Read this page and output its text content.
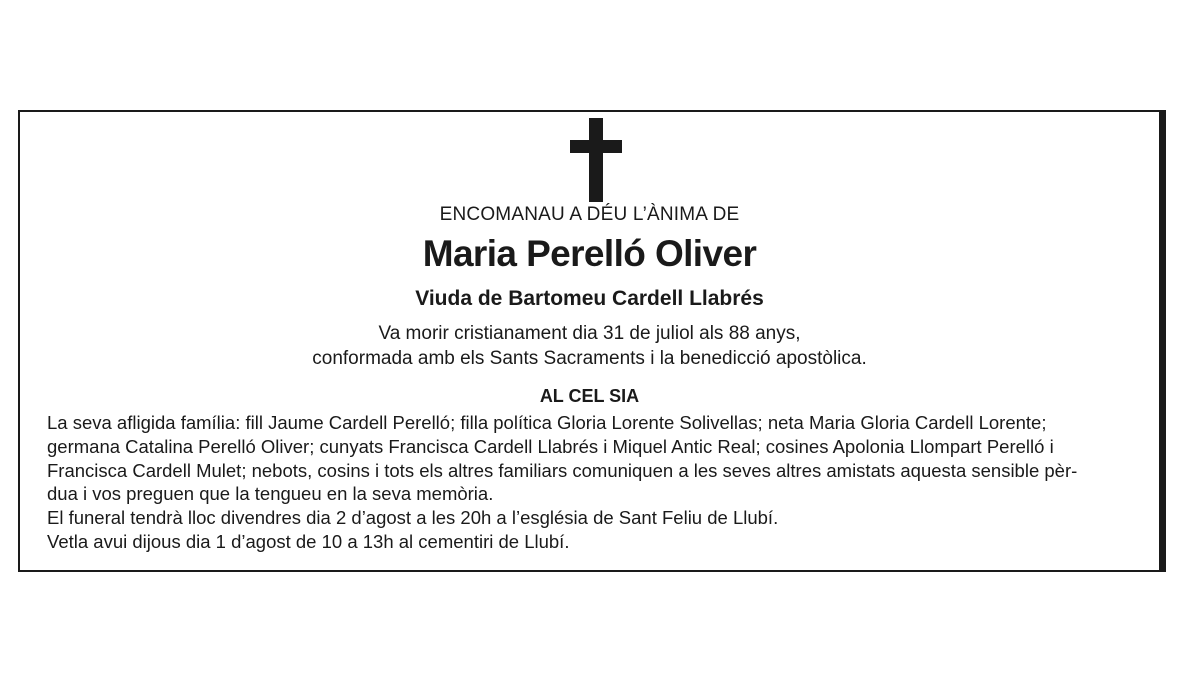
ENCOMANAU A DÉU L’ÀNIMA DE
Maria Perelló Oliver
Viuda de Bartomeu Cardell Llabrés
Va morir cristianament dia 31 de juliol als 88 anys,
conformada amb els Sants Sacraments i la benedicció apostòlica.
AL CEL SIA
La seva afligida família: fill Jaume Cardell Perelló; filla política Gloria Lorente Solivellas; neta Maria Gloria Cardell Lorente;
germana Catalina Perelló Oliver; cunyats Francisca Cardell Llabrés i Miquel Antic Real; cosines Apolonia Llompart Perelló i
Francisca Cardell Mulet; nebots, cosins i tots els altres familiars comuniquen a les seves altres amistats aquesta sensible pèr-
dua i vos preguen que la tengueu en la seva memòria.
El funeral tendrà lloc divendres dia 2 d’agost a les 20h a l’església de Sant Feliu de Llubí.
Vetla avui dijous dia 1 d’agost de 10 a 13h al cementiri de Llubí.
